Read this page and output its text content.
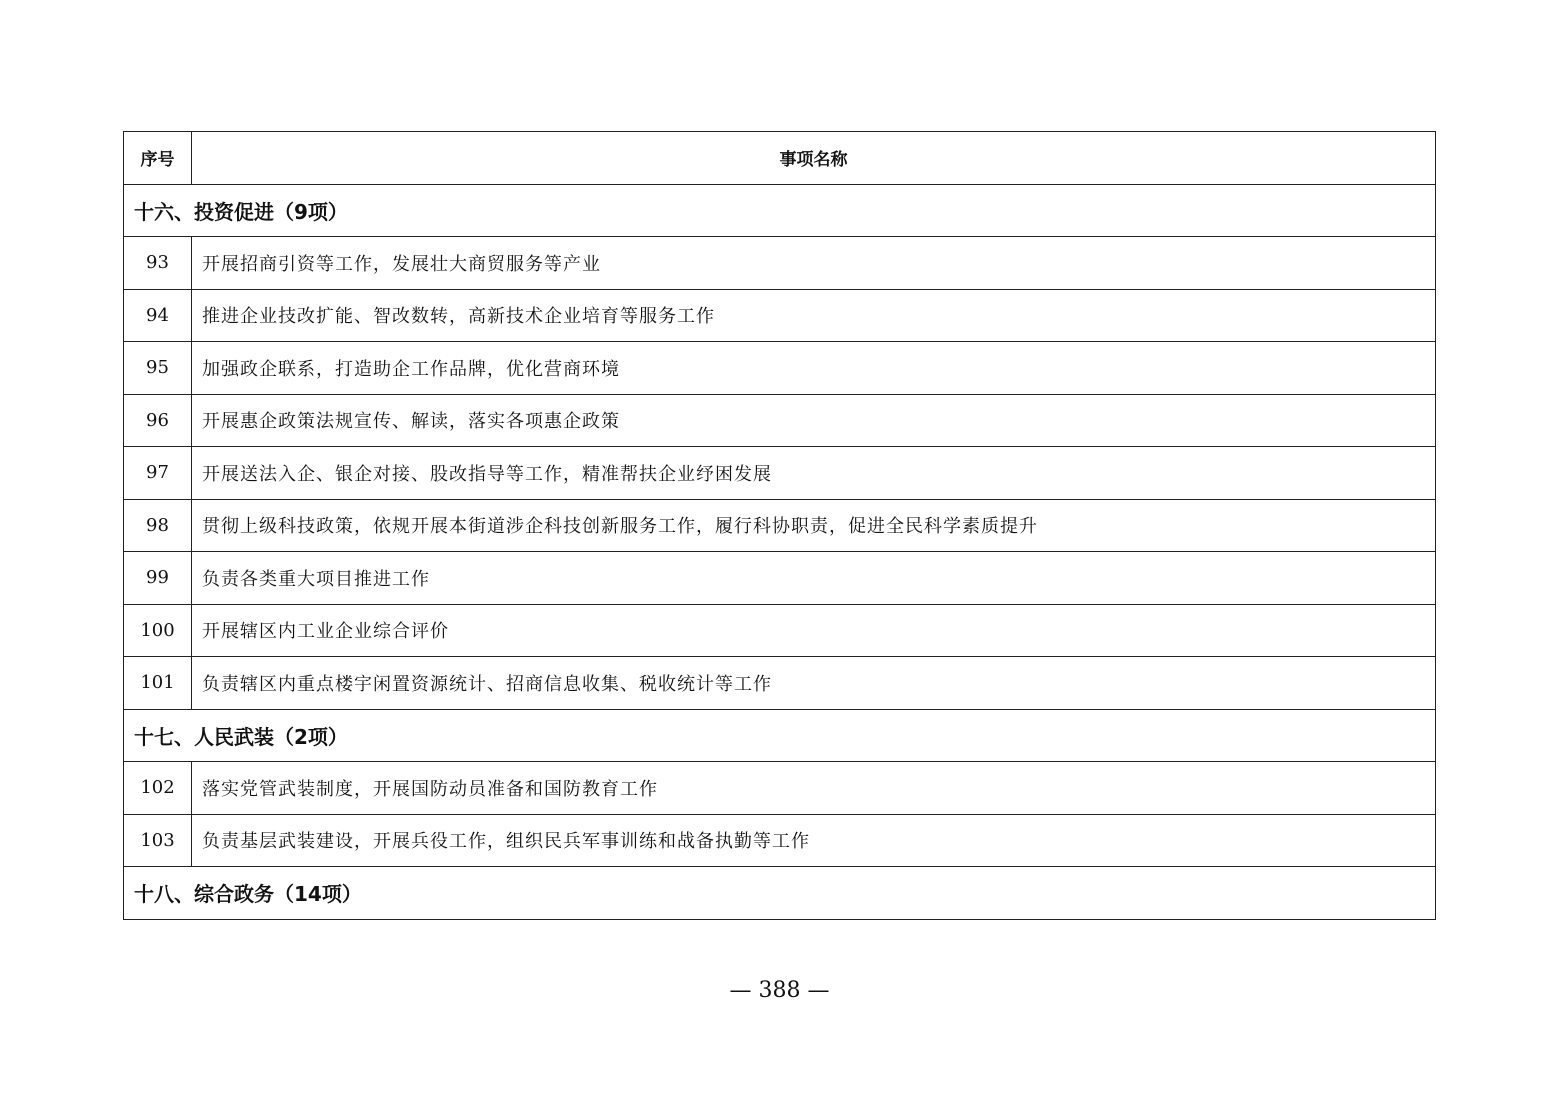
序号	事项名称
十六、投资促进（9项）	
93	开展招商引资等工作，发展壮大商贸服务等产业
94	推进企业技改扩能、智改数转，高新技术企业培育等服务工作
95	加强政企联系，打造助企工作品牌，优化营商环境
96	开展惠企政策法规宣传、解读，落实各项惠企政策
97	开展送法入企、银企对接、股改指导等工作，精准帮扶企业纾困发展
98	贯彻上级科技政策，依规开展本街道涉企科技创新服务工作，履行科协职责，促进全民科学素质提升
99	负责各类重大项目推进工作
100	开展辖区内工业企业综合评价
101	负责辖区内重点楼宇闲置资源统计、招商信息收集、税收统计等工作
十七、人民武装（2项）	
102	落实党管武装制度，开展国防动员准备和国防教育工作
103	负责基层武装建设，开展兵役工作，组织民兵军事训练和战备执勤等工作
十八、综合政务（14项）	
— 388 —
